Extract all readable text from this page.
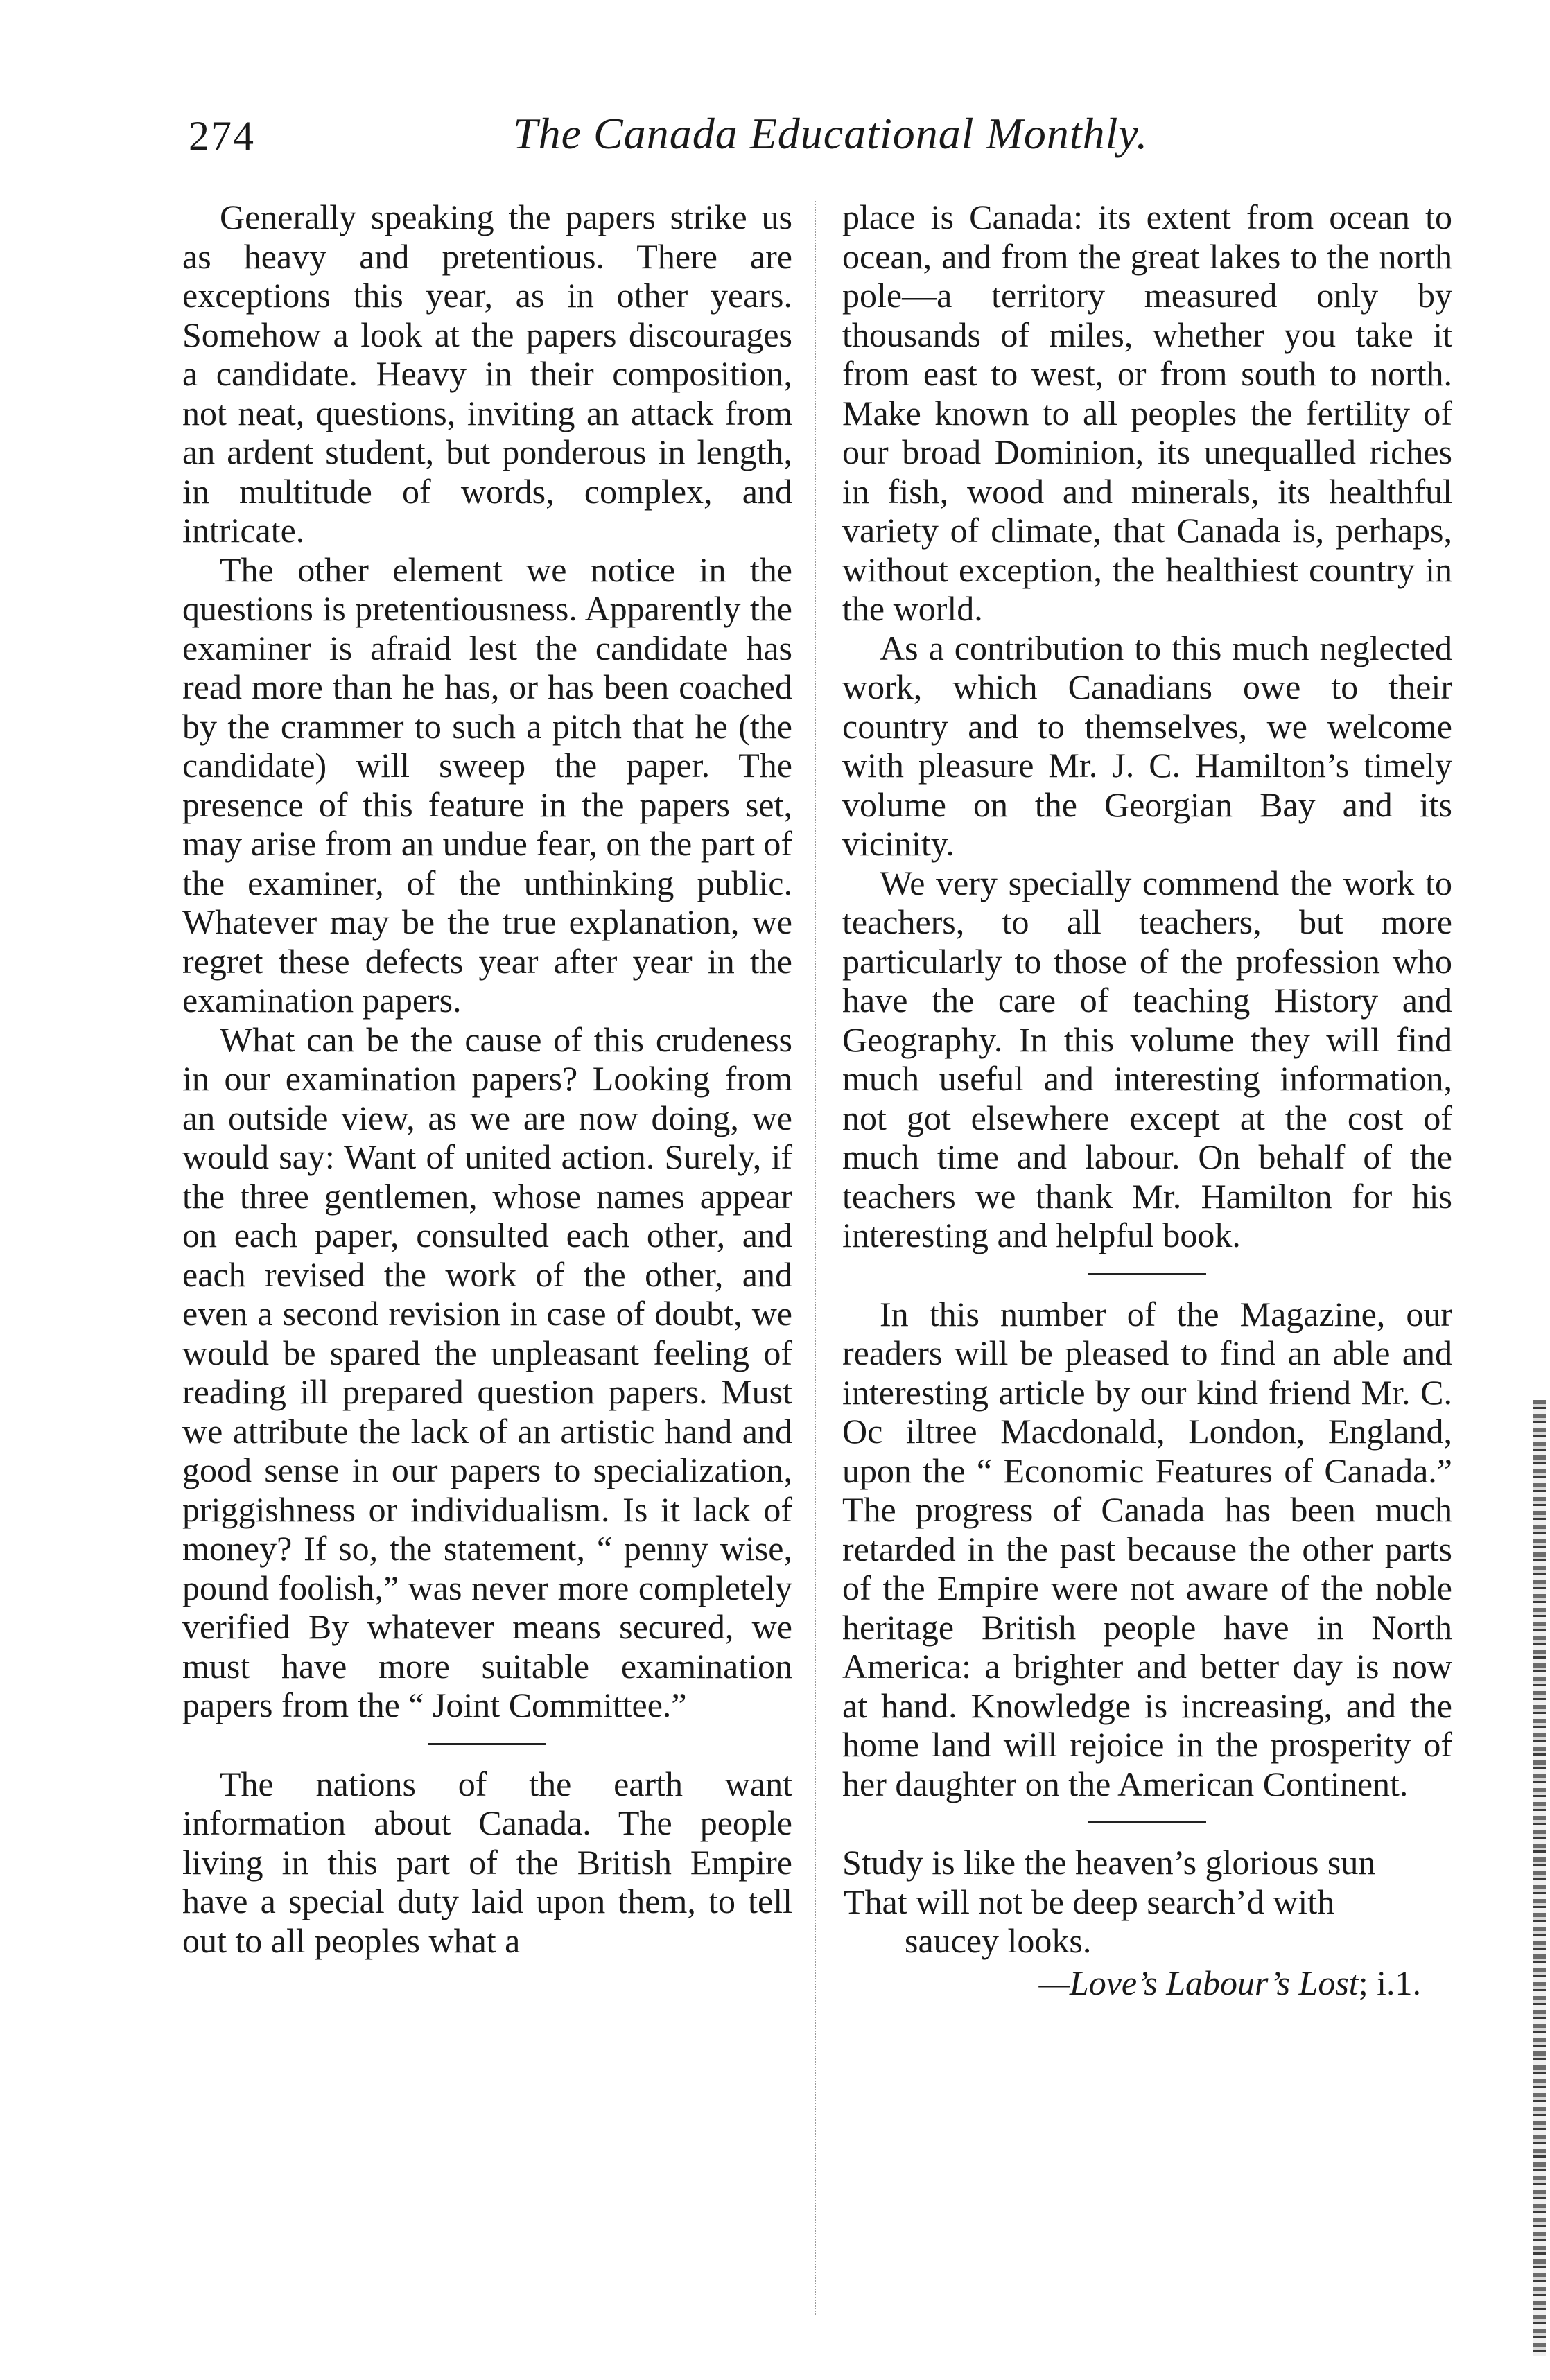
274	The Canada Educational Monthly.

Generally speaking the papers strike us as heavy and pretentious. There are exceptions this year, as in other years. Somehow a look at the papers discourages a candidate. Heavy in their composition, not neat, questions, inviting an attack from an ardent student, but ponderous in length, in multitude of words, complex, and intricate.

The other element we notice in the questions is pretentiousness. Apparently the examiner is afraid lest the candidate has read more than he has, or has been coached by the crammer to such a pitch that he (the candidate) will sweep the paper. The presence of this feature in the papers set, may arise from an undue fear, on the part of the examiner, of the unthinking public. Whatever may be the true explanation, we regret these defects year after year in the examination papers.

What can be the cause of this crudeness in our examination papers? Looking from an outside view, as we are now doing, we would say: Want of united action. Surely, if the three gentlemen, whose names appear on each paper, consulted each other, and each revised the work of the other, and even a second revision in case of doubt, we would be spared the unpleasant feeling of reading ill prepared question papers. Must we attribute the lack of an artistic hand and good sense in our papers to specialization, priggishness or individualism. Is it lack of money? If so, the statement, “ penny wise, pound foolish,” was never more completely verified By whatever means secured, we must have more suitable examination papers from the “ Joint Committee.”

The nations of the earth want information about Canada. The people living in this part of the British Empire have a special duty laid upon them, to tell out to all peoples what a

place is Canada: its extent from ocean to ocean, and from the great lakes to the north pole—a territory measured only by thousands of miles, whether you take it from east to west, or from south to north. Make known to all peoples the fertility of our broad Dominion, its unequalled riches in fish, wood and minerals, its healthful variety of climate, that Canada is, perhaps, without exception, the healthiest country in the world.

As a contribution to this much neglected work, which Canadians owe to their country and to themselves, we welcome with pleasure Mr. J. C. Hamilton’s timely volume on the Georgian Bay and its vicinity.

We very specially commend the work to teachers, to all teachers, but more particularly to those of the profession who have the care of teaching History and Geography. In this volume they will find much useful and interesting information, not got elsewhere except at the cost of much time and labour. On behalf of the teachers we thank Mr. Hamilton for his interesting and helpful book.

In this number of the Magazine, our readers will be pleased to find an able and interesting article by our kind friend Mr. C. Oc iltree Macdonald, London, England, upon the “ Economic Features of Canada.” The progress of Canada has been much retarded in the past because the other parts of the Empire were not aware of the noble heritage British people have in North America: a brighter and better day is now at hand. Knowledge is increasing, and the home land will rejoice in the prosperity of her daughter on the American Continent.

Study is like the heaven’s glorious sun
That will not be deep search’d with
saucey looks.
—Love’s Labour’s Lost; i.1.
